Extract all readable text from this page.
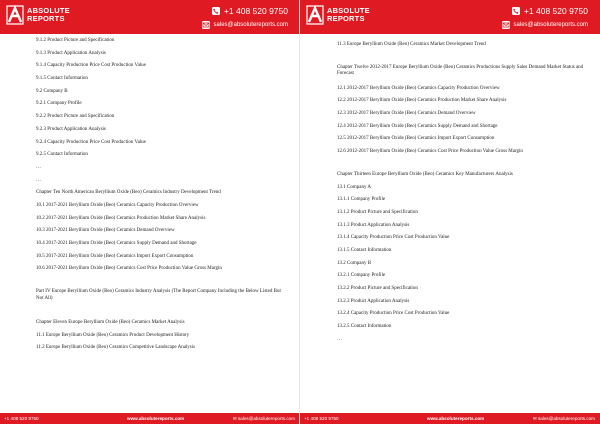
ABSOLUTE
REPORTS
+1 408 520 9750
sales@absolutereports.com
9.1.2 Product Picture and Specification
9.1.3 Product Application Analysis
9.1.4 Capacity Production Price Cost Production Value
9.1.5 Contact Information
9.2 Company B
9.2.1 Company Profile
9.2.2 Product Picture and Specification
9.2.3 Product Application Analysis
9.2.4 Capacity Production Price Cost Production Value
9.2.5 Contact Information
…
…
Chapter Ten North American Beryllium Oxide (Beo) Ceramics Industry Development Trend
10.1 2017-2021 Beryllium Oxide (Beo) Ceramics Capacity Production Overview
10.2 2017-2021 Beryllium Oxide (Beo) Ceramics Production Market Share Analysis
10.3 2017-2021 Beryllium Oxide (Beo) Ceramics Demand Overview
10.4 2017-2021 Beryllium Oxide (Beo) Ceramics Supply Demand and Shortage
10.5 2017-2021 Beryllium Oxide (Beo) Ceramics Import Export Consumption
10.6 2017-2021 Beryllium Oxide (Beo) Ceramics Cost Price Production Value Gross Margin
Part IV Europe Beryllium Oxide (Beo) Ceramics Industry Analysis (The Report Company Including the Below Listed But Not All)
Chapter Eleven Europe Beryllium Oxide (Beo) Ceramics Market Analysis
11.1 Europe Beryllium Oxide (Beo) Ceramics Product Development History
11.2 Europe Beryllium Oxide (Beo) Ceramics Competitive Landscape Analysis
+1 408 520 9750	www.absolutereports.com	✉ sales@absolutereports.com
ABSOLUTE
REPORTS
+1 408 520 9750
sales@absolutereports.com
11.3 Europe Beryllium Oxide (Beo) Ceramics Market Development Trend
Chapter Twelve 2012-2017 Europe Beryllium Oxide (Beo) Ceramics Productions Supply Sales Demand Market Status and Forecast
12.1 2012-2017 Beryllium Oxide (Beo) Ceramics Capacity Production Overview
12.2 2012-2017 Beryllium Oxide (Beo) Ceramics Production Market Share Analysis
12.3 2012-2017 Beryllium Oxide (Beo) Ceramics Demand Overview
12.4 2012-2017 Beryllium Oxide (Beo) Ceramics Supply Demand and Shortage
12.5 2012-2017 Beryllium Oxide (Beo) Ceramics Import Export Consumption
12.6 2012-2017 Beryllium Oxide (Beo) Ceramics Cost Price Production Value Gross Margin
Chapter Thirteen Europe Beryllium Oxide (Beo) Ceramics Key Manufacturers Analysis
13.1 Company A
13.1.1 Company Profile
13.1.2 Product Picture and Specification
13.1.3 Product Application Analysis
13.1.4 Capacity Production Price Cost Production Value
13.1.5 Contact Information
13.2 Company B
13.2.1 Company Profile
13.2.2 Product Picture and Specification
13.2.3 Product Application Analysis
13.2.4 Capacity Production Price Cost Production Value
13.2.5 Contact Information
…
+1 408 520 9750	www.absolutereports.com	✉ sales@absolutereports.com
